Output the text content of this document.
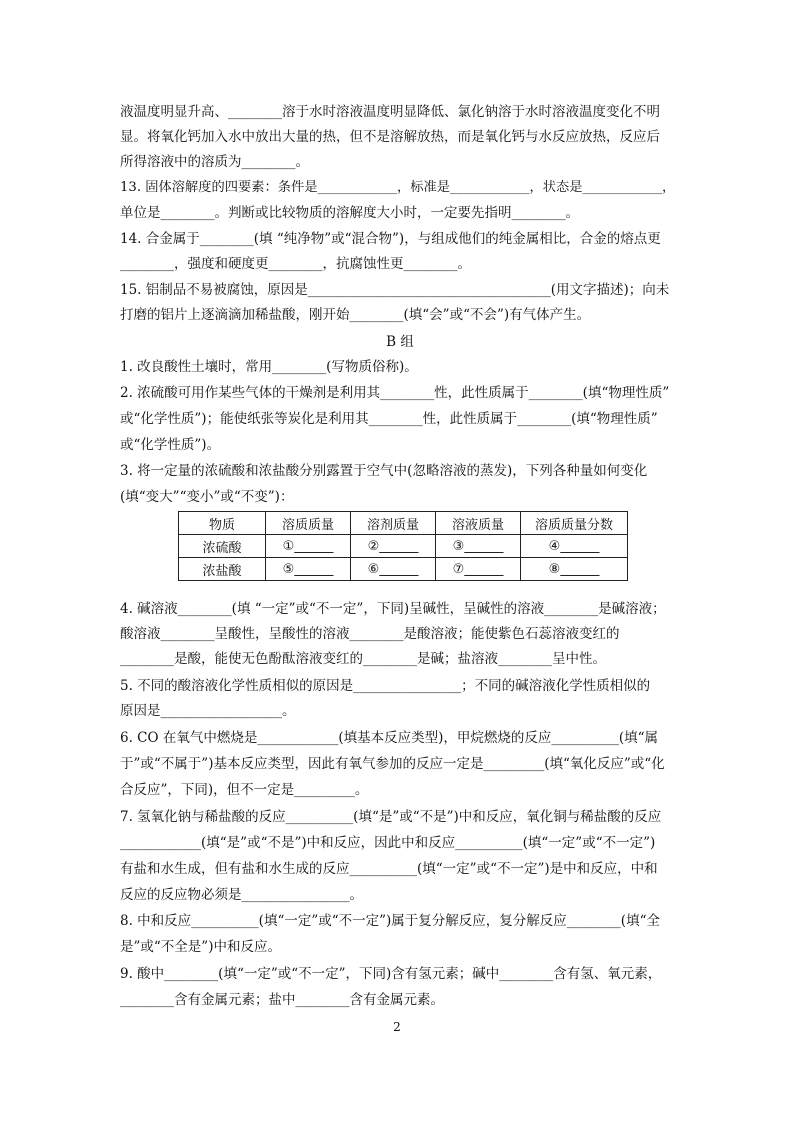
液温度明显升高、________溶于水时溶液温度明显降低、氯化钠溶于水时溶液温度变化不明
显。将氧化钙加入水中放出大量的热，但不是溶解放热，而是氧化钙与水反应放热，反应后
所得溶液中的溶质为________。
13. 固体溶解度的四要素：条件是____________，标准是____________，状态是____________，
单位是________。判断或比较物质的溶解度大小时，一定要先指明________。
14. 合金属于________(填 “纯净物”或“混合物”)，与组成他们的纯金属相比，合金的熔点更
________，强度和硬度更________，抗腐蚀性更________。
15. 铝制品不易被腐蚀，原因是____________________________________(用文字描述)；向未
打磨的铝片上逐滴滴加稀盐酸，刚开始________(填“会”或“不会”)有气体产生。
B 组
1. 改良酸性土壤时，常用________(写物质俗称)。
2. 浓硫酸可用作某些气体的干燥剂是利用其________性，此性质属于________(填“物理性质”
或“化学性质”)；能使纸张等炭化是利用其________性，此性质属于________(填“物理性质”
或“化学性质”)。
3. 将一定量的浓硫酸和浓盐酸分别露置于空气中(忽略溶液的蒸发)，下列各种量如何变化
(填“变大”“变小”或“不变”)：
物质	溶质质量	溶剂质量	溶液质量	溶质质量分数
浓硫酸	①______	②______	③______	④______
浓盐酸	⑤______	⑥______	⑦______	⑧______
4. 碱溶液________(填 “一定”或“不一定”，下同)呈碱性，呈碱性的溶液________是碱溶液；
酸溶液________呈酸性，呈酸性的溶液________是酸溶液；能使紫色石蕊溶液变红的
________是酸，能使无色酚酞溶液变红的________是碱；盐溶液________呈中性。
5. 不同的酸溶液化学性质相似的原因是________________；不同的碱溶液化学性质相似的
原因是__________________。
6. CO 在氧气中燃烧是____________(填基本反应类型)，甲烷燃烧的反应__________(填“属
于”或“不属于”)基本反应类型，因此有氧气参加的反应一定是_________(填“氧化反应”或“化
合反应”，下同)，但不一定是_________。
7. 氢氧化钠与稀盐酸的反应__________(填“是”或“不是”)中和反应，氧化铜与稀盐酸的反应
____________(填“是”或“不是”)中和反应，因此中和反应__________(填“一定”或“不一定”)
有盐和水生成，但有盐和水生成的反应__________(填“一定”或“不一定”)是中和反应，中和
反应的反应物必须是________________。
8. 中和反应__________(填“一定”或“不一定”)属于复分解反应，复分解反应________(填“全
是”或“不全是”)中和反应。
9. 酸中________(填“一定”或“不一定”，下同)含有氢元素；碱中________含有氢、氧元素，
________含有金属元素；盐中________含有金属元素。
2
